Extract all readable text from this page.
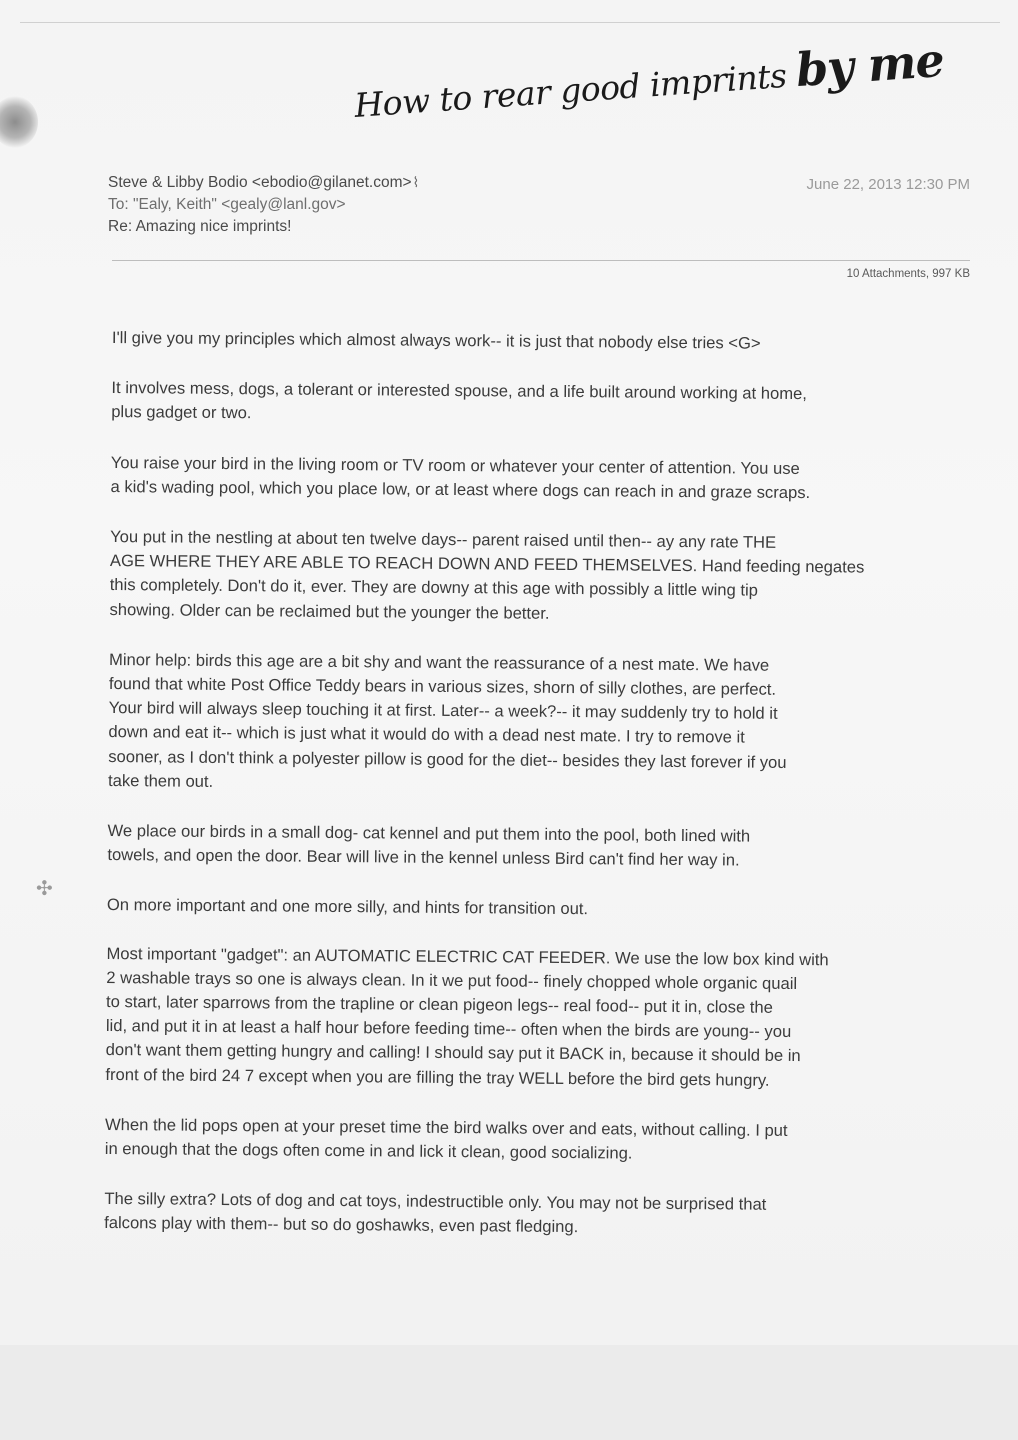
✣
How to rear good imprints by me
Steve & Libby Bodio <ebodio@gilanet.com>⌇
To: "Ealy, Keith" <gealy@lanl.gov>
Re: Amazing nice imprints!
June 22, 2013 12:30 PM
10 Attachments, 997 KB

I'll give you my principles which almost always work-- it is just that nobody else tries <G>

It involves mess, dogs, a tolerant or interested spouse, and a life built around working at home,
plus gadget or two.

You raise your bird in the living room or TV room or whatever your center of attention. You use
a kid's wading pool, which you place low, or at least where dogs can reach in and graze scraps.

You put in the nestling at about ten twelve days-- parent raised until then-- ay any rate THE
AGE WHERE THEY ARE ABLE TO REACH DOWN AND FEED THEMSELVES. Hand feeding negates
this completely. Don't do it, ever. They are downy at this age with possibly a little wing tip
showing. Older can be reclaimed but the younger the better.

Minor help: birds this age are a bit shy and want the reassurance of a nest mate. We have
found that white Post Office Teddy bears in various sizes, shorn of silly clothes, are perfect.
Your bird will always sleep touching it at first. Later-- a week?-- it may suddenly try to hold it
down and eat it-- which is just what it would do with a dead nest mate. I try to remove it
sooner, as I don't think a polyester pillow is good for the diet-- besides they last forever if you
take them out.

We place our birds in a small dog- cat kennel and put them into the pool, both lined with
towels, and open the door. Bear will live in the kennel unless Bird can't find her way in.

On more important and one more silly, and hints for transition out.

Most important "gadget": an AUTOMATIC ELECTRIC CAT FEEDER. We use the low box kind with
2 washable trays so one is always clean. In it we put food-- finely chopped whole organic quail
to start, later sparrows from the trapline or clean pigeon legs-- real food-- put it in, close the
lid, and put it in at least a half hour before feeding time-- often when the birds are young-- you
don't want them getting hungry and calling! I should say put it BACK in, because it should be in
front of the bird 24 7 except when you are filling the tray WELL before the bird gets hungry.

When the lid pops open at your preset time the bird walks over and eats, without calling. I put
in enough that the dogs often come in and lick it clean, good socializing.

The silly extra? Lots of dog and cat toys, indestructible only. You may not be surprised that
falcons play with them-- but so do goshawks, even past fledging.
